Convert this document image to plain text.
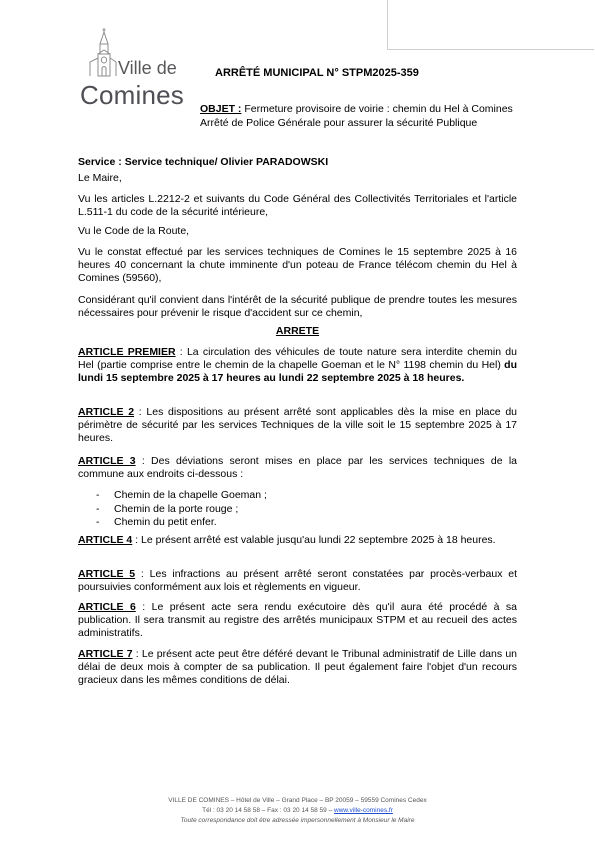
Ville de
Comines
ARRÊTÉ MUNICIPAL N° STPM2025-359
OBJET : Fermeture provisoire de voirie : chemin du Hel à Comines
Arrêté de Police Générale pour assurer la sécurité Publique
Service : Service technique/ Olivier PARADOWSKI
Le Maire,
Vu les articles L.2212-2 et suivants du Code Général des Collectivités Territoriales et l'article L.511-1 du code de la sécurité intérieure,
Vu le Code de la Route,
Vu le constat effectué par les services techniques de Comines le 15 septembre 2025 à 16 heures 40 concernant la chute imminente d'un poteau de France télécom chemin du Hel à Comines (59560),
Considérant qu'il convient dans l'intérêt de la sécurité publique de prendre toutes les mesures nécessaires pour prévenir le risque d'accident sur ce chemin,
ARRETE
ARTICLE PREMIER : La circulation des véhicules de toute nature sera interdite chemin du Hel (partie comprise entre le chemin de la chapelle Goeman et le N° 1198 chemin du Hel) du lundi 15 septembre 2025 à 17 heures au lundi 22 septembre 2025 à 18 heures.
ARTICLE 2 : Les dispositions au présent arrêté sont applicables dès la mise en place du périmètre de sécurité par les services Techniques de la ville soit le 15 septembre 2025 à 17 heures.
ARTICLE 3 : Des déviations seront mises en place par les services techniques de la commune aux endroits ci-dessous :
- Chemin de la chapelle Goeman ;
- Chemin de la porte rouge ;
- Chemin du petit enfer.
ARTICLE 4 : Le présent arrêté est valable jusqu'au lundi 22 septembre 2025 à 18 heures.
ARTICLE 5 : Les infractions au présent arrêté seront constatées par procès-verbaux et poursuivies conformément aux lois et règlements en vigueur.
ARTICLE 6 : Le présent acte sera rendu exécutoire dès qu'il aura été procédé à sa publication. Il sera transmit au registre des arrêtés municipaux STPM et au recueil des actes administratifs.
ARTICLE 7 : Le présent acte peut être déféré devant le Tribunal administratif de Lille dans un délai de deux mois à compter de sa publication. Il peut également faire l'objet d'un recours gracieux dans les mêmes conditions de délai.
VILLE DE COMINES – Hôtel de Ville – Grand Place – BP 20059 – 59559 Comines Cedex
Tél : 03 20 14 58 58 – Fax : 03 20 14 58 59 – www.ville-comines.fr
Toute correspondance doit être adressée impersonnellement à Monsieur le Maire
